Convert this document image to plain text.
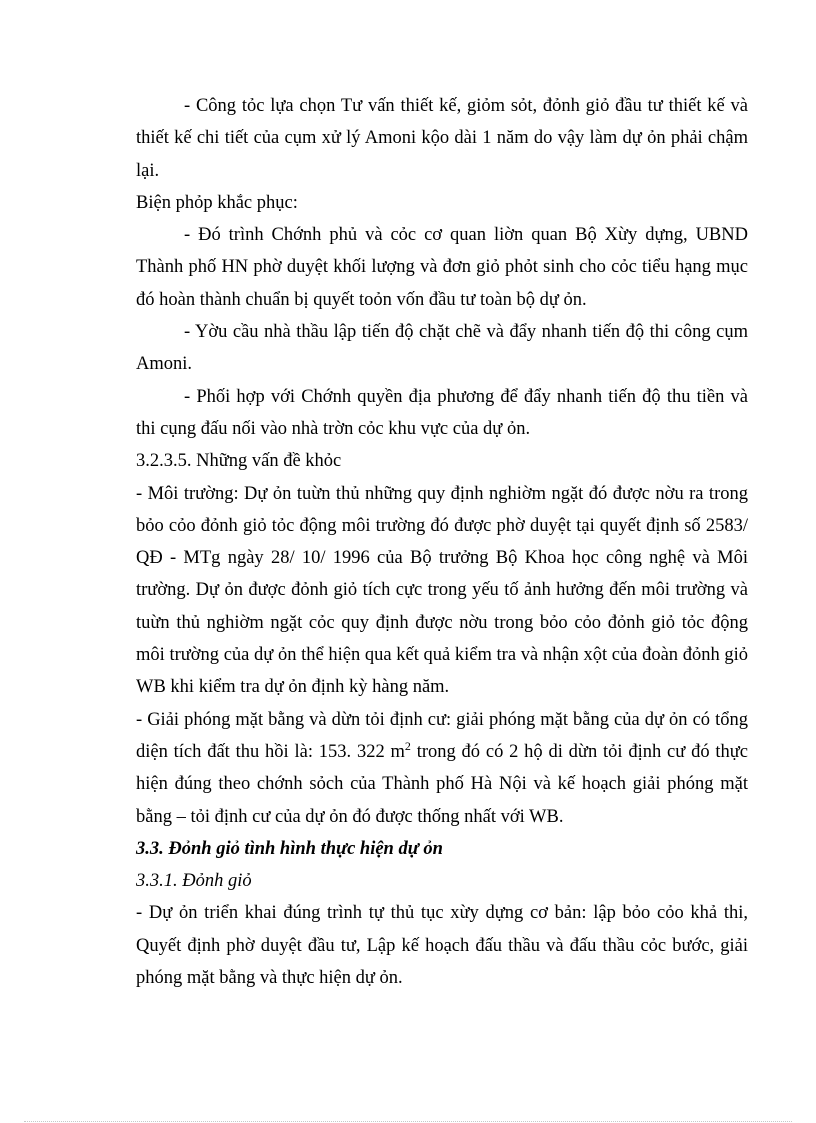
- Công tỏc lựa chọn Tư vấn thiết kế, giỏm sỏt, đỏnh giỏ đầu tư thiết kế và thiết kế chi tiết của cụm xử lý Amoni kộo dài 1 năm do vậy làm dự ỏn phải chậm lại.

Biện phỏp khắc phục:

- Đó trình Chớnh phủ và cỏc cơ quan liờn quan Bộ Xừy dựng, UBND Thành phố HN phờ duyệt khối lượng và đơn giỏ phỏt sinh cho cỏc tiểu hạng mục đó hoàn thành chuẩn bị quyết toỏn vốn đầu tư toàn bộ dự ỏn.

- Yờu cầu nhà thầu lập tiến độ chặt chẽ và đẩy nhanh tiến độ thi công cụm Amoni.

- Phối hợp với Chớnh quyền địa phương để đẩy nhanh tiến độ thu tiền và thi cụng đấu nối vào nhà trờn cỏc khu vực của dự ỏn.

3.2.3.5. Những vấn đề khỏc

- Môi trường: Dự ỏn tuừn thủ những quy định nghiờm ngặt đó được nờu ra trong bỏo cỏo đỏnh giỏ tỏc động môi trường đó được phờ duyệt tại quyết định số 2583/ QĐ - MTg ngày 28/ 10/ 1996 của Bộ trưởng Bộ Khoa học công nghệ và Môi trường. Dự ỏn được đỏnh giỏ tích cực trong yếu tố ảnh hưởng đến môi trường và tuừn thủ nghiờm ngặt cỏc quy định được nờu trong bỏo cỏo đỏnh giỏ tỏc động môi trường của dự ỏn thể hiện qua kết quả kiểm tra và nhận xột của đoàn đỏnh giỏ WB khi kiểm tra dự ỏn định kỳ hàng năm.

- Giải phóng mặt bằng và dừn tỏi định cư: giải phóng mặt bằng của dự ỏn có tổng diện tích đất thu hồi là: 153. 322 $m^2$ trong đó có 2 hộ di dừn tỏi định cư đó thực hiện đúng theo chớnh sỏch của Thành phố Hà Nội và kế hoạch giải phóng mặt bằng – tỏi định cư của dự ỏn đó được thống nhất với WB.

3.3. Đỏnh giỏ tình hình thực hiện dự ỏn

3.3.1. Đỏnh giỏ

- Dự ỏn triển khai đúng trình tự thủ tục xừy dựng cơ bản: lập bỏo cỏo khả thi, Quyết định phờ duyệt đầu tư, Lập kế hoạch đấu thầu và đấu thầu cỏc bước, giải phóng mặt bằng và thực hiện dự ỏn.
